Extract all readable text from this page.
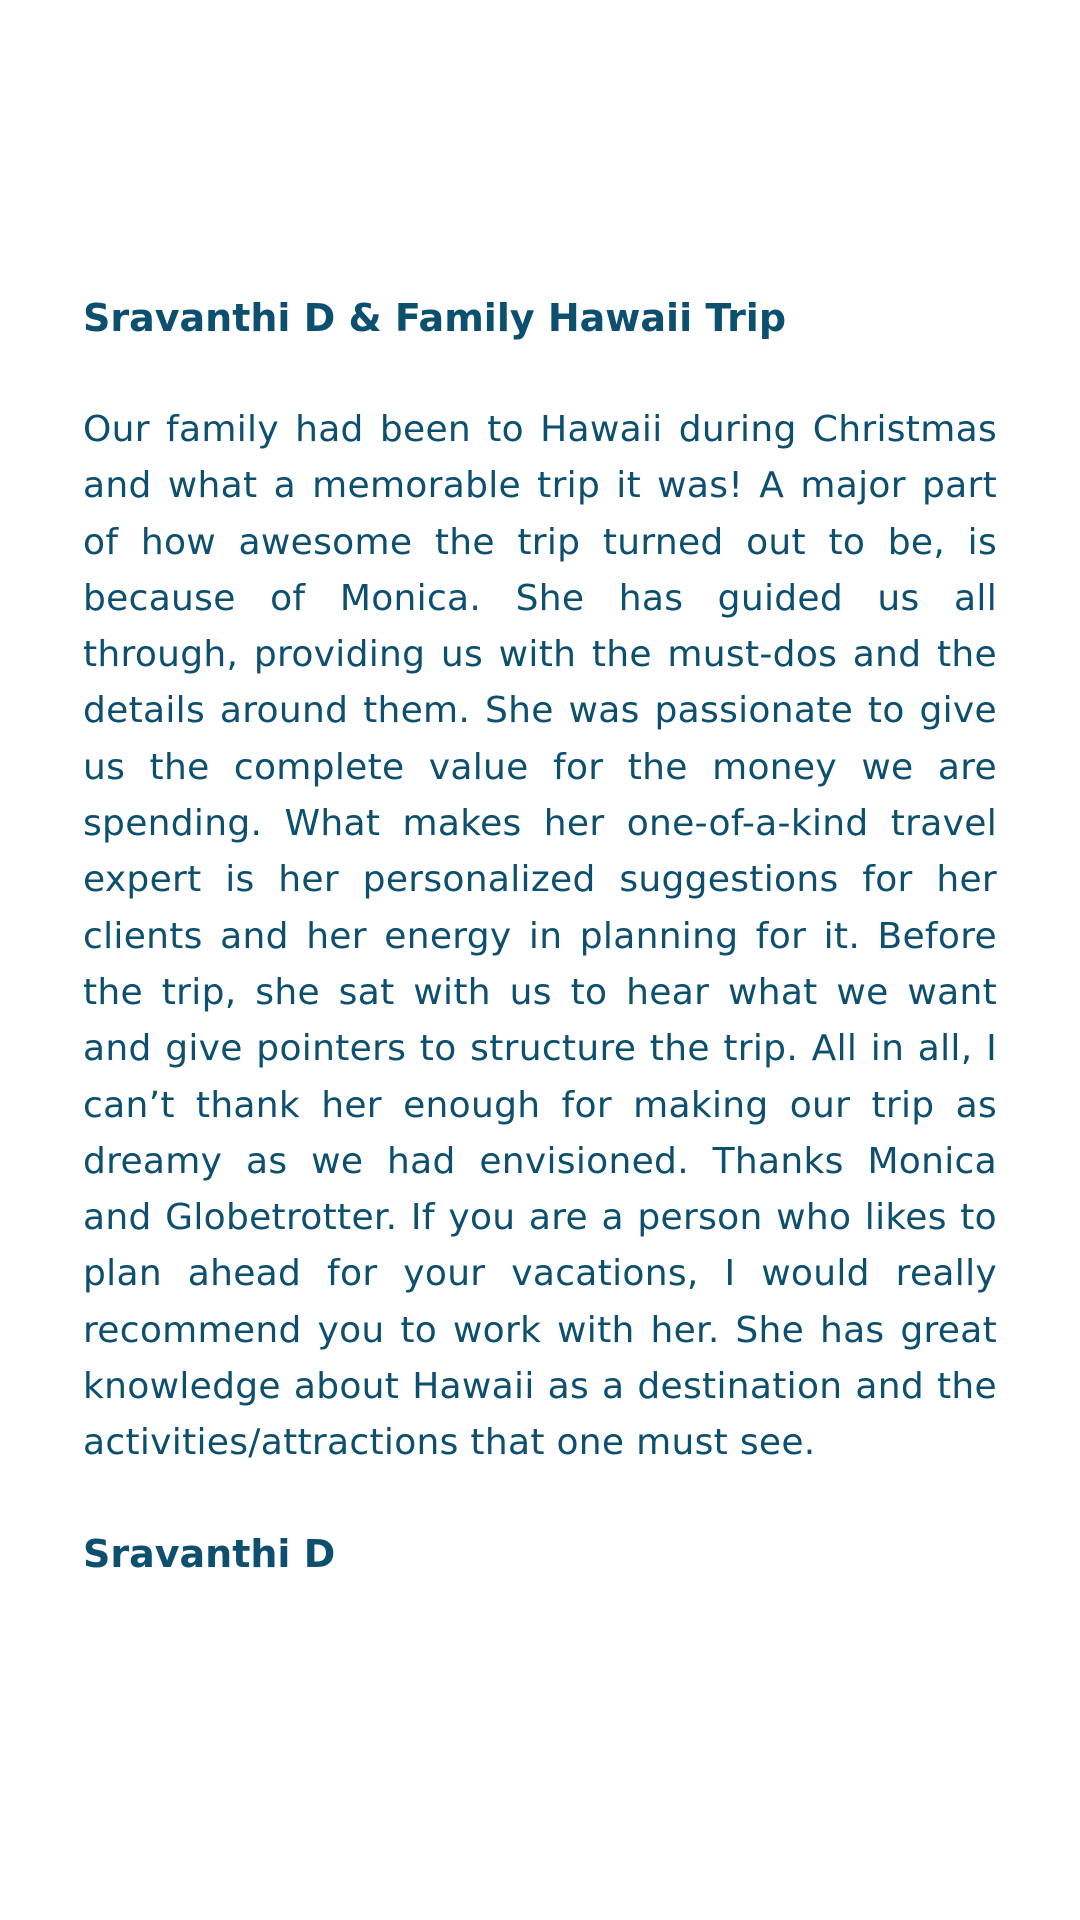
Sravanthi D & Family Hawaii Trip

Our family had been to Hawaii during Christmas and what a memorable trip it was! A major part of how awesome the trip turned out to be, is because of Monica. She has guided us all through, providing us with the must-dos and the details around them. She was passionate to give us the complete value for the money we are spending. What makes her one-of-a-kind travel expert is her personalized suggestions for her clients and her energy in planning for it. Before the trip, she sat with us to hear what we want and give pointers to structure the trip. All in all, I can’t thank her enough for making our trip as dreamy as we had envisioned. Thanks Monica and Globetrotter. If you are a person who likes to plan ahead for your vacations, I would really recommend you to work with her. She has great knowledge about Hawaii as a destination and the activities/attractions that one must see.

Sravanthi D
